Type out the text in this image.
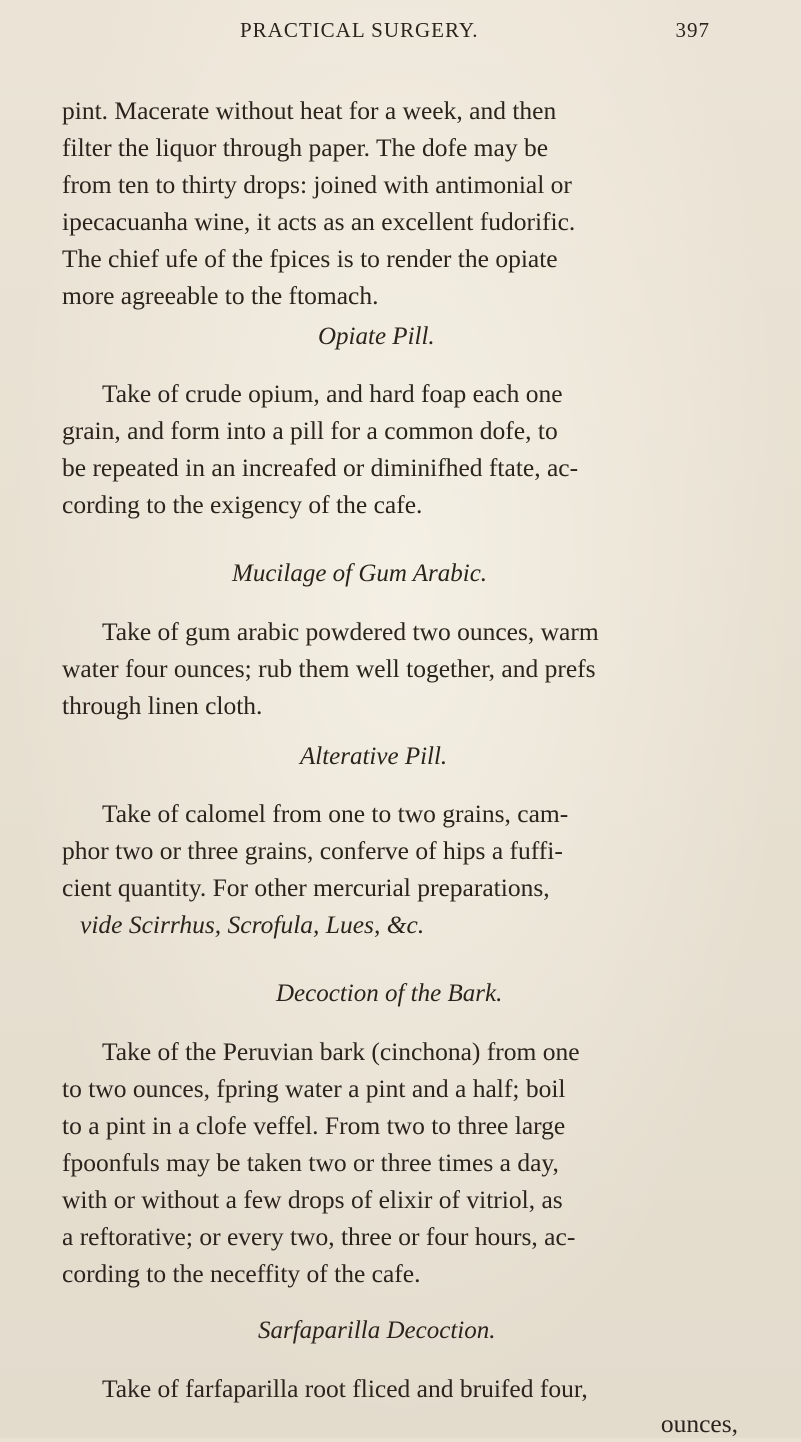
PRACTICAL SURGERY.	397
pint. Macerate without heat for a week, and then
filter the liquor through paper. The dofe may be
from ten to thirty drops: joined with antimonial or
ipecacuanha wine, it acts as an excellent fudorific.
The chief ufe of the fpices is to render the opiate
more agreeable to the ftomach.
Opiate Pill.
Take of crude opium, and hard foap each one
grain, and form into a pill for a common dofe, to
be repeated in an increafed or diminifhed ftate, ac-
cording to the exigency of the cafe.
Mucilage of Gum Arabic.
Take of gum arabic powdered two ounces, warm
water four ounces; rub them well together, and prefs
through linen cloth.
Alterative Pill.
Take of calomel from one to two grains, cam-
phor two or three grains, conferve of hips a fuffi-
cient quantity. For other mercurial preparations,
vide Scirrhus, Scrofula, Lues, &c.
Decoction of the Bark.
Take of the Peruvian bark (cinchona) from one
to two ounces, fpring water a pint and a half; boil
to a pint in a clofe veffel. From two to three large
fpoonfuls may be taken two or three times a day,
with or without a few drops of elixir of vitriol, as
a reftorative; or every two, three or four hours, ac-
cording to the neceffity of the cafe.
Sarfaparilla Decoction.
Take of farfaparilla root fliced and bruifed four,
ounces,
